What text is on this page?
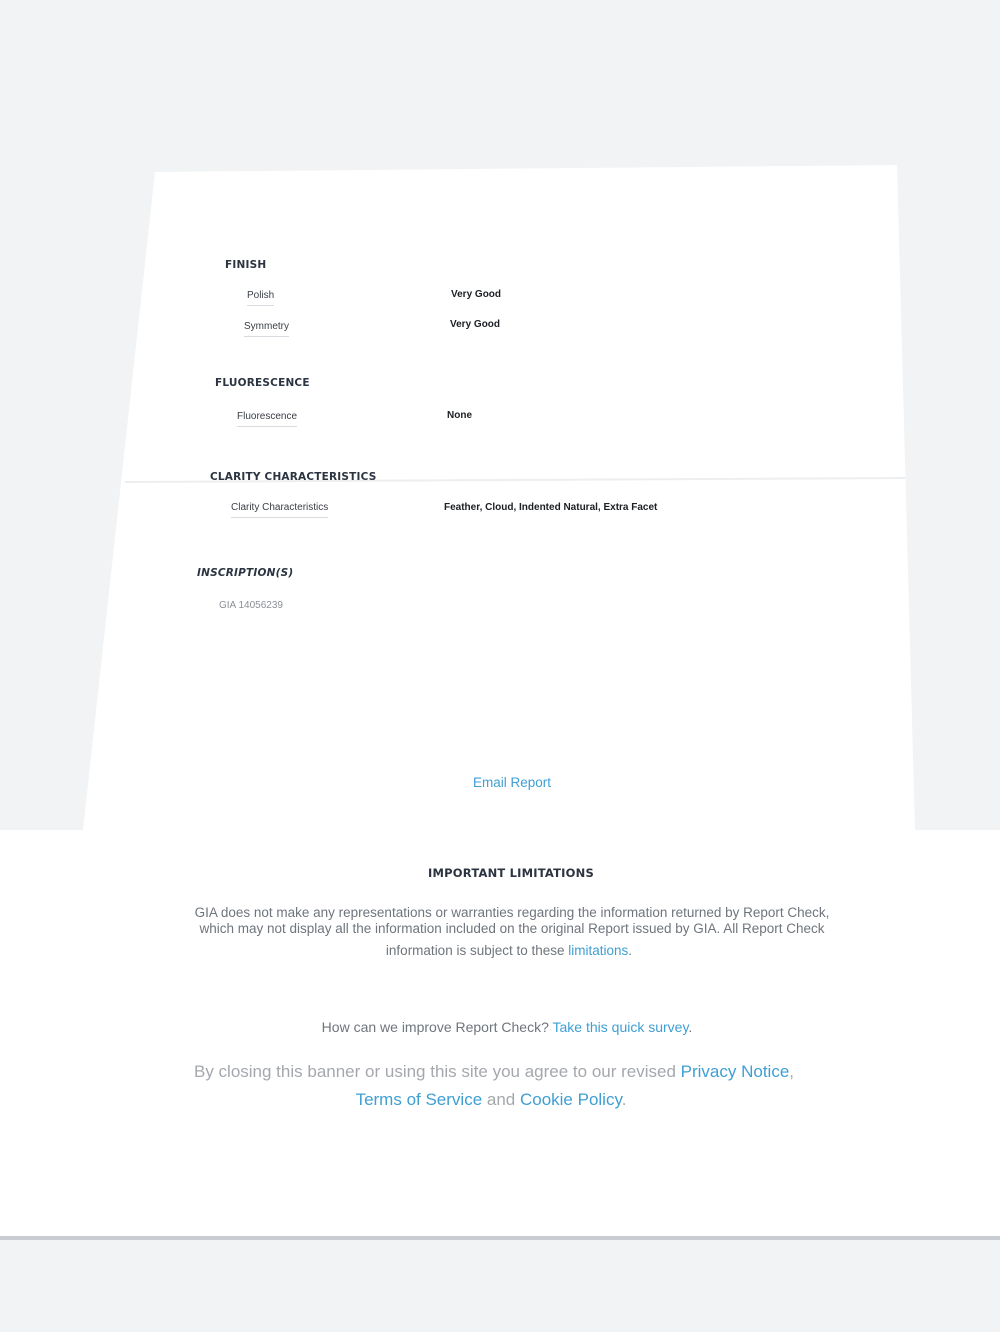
FINISH
Polish	Very Good
Symmetry	Very Good
FLUORESCENCE
Fluorescence	None
CLARITY CHARACTERISTICS
Clarity Characteristics	Feather, Cloud, Indented Natural, Extra Facet
INSCRIPTION(S)
GIA 14056239
Email Report
IMPORTANT LIMITATIONS
GIA does not make any representations or warranties regarding the information returned by Report Check,
which may not display all the information included on the original Report issued by GIA. All Report Check
information is subject to these limitations.
How can we improve Report Check? Take this quick survey.
By closing this banner or using this site you agree to our revised Privacy Notice,
Terms of Service and Cookie Policy.
